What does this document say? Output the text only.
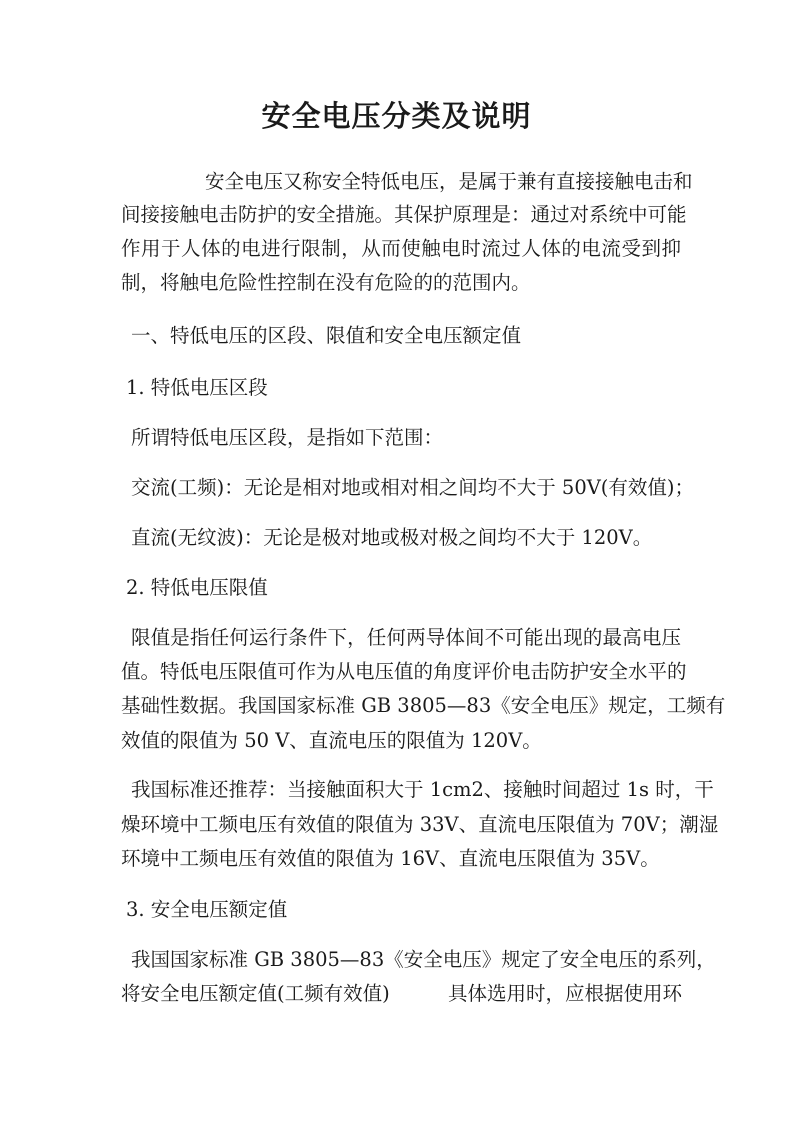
安全电压分类及说明
安全电压又称安全特低电压，是属于兼有直接接触电击和
间接接触电击防护的安全措施。其保护原理是：通过对系统中可能
作用于人体的电进行限制，从而使触电时流过人体的电流受到抑
制，将触电危险性控制在没有危险的的范围内。
一、特低电压的区段、限值和安全电压额定值
1. 特低电压区段
所谓特低电压区段，是指如下范围：
交流(工频)：无论是相对地或相对相之间均不大于 50V(有效值)；
直流(无纹波)：无论是极对地或极对极之间均不大于 120V。
2. 特低电压限值
限值是指任何运行条件下，任何两导体间不可能出现的最高电压
值。特低电压限值可作为从电压值的角度评价电击防护安全水平的
基础性数据。我国国家标准 GB 3805—83《安全电压》规定，工频有
效值的限值为 50 V、直流电压的限值为 120V。
我国标准还推荐：当接触面积大于 1cm2、接触时间超过 1s 时，干
燥环境中工频电压有效值的限值为 33V、直流电压限值为 70V；潮湿
环境中工频电压有效值的限值为 16V、直流电压限值为 35V。
3. 安全电压额定值
我国国家标准 GB 3805—83《安全电压》规定了安全电压的系列，
将安全电压额定值(工频有效值)	具体选用时，应根据使用环
